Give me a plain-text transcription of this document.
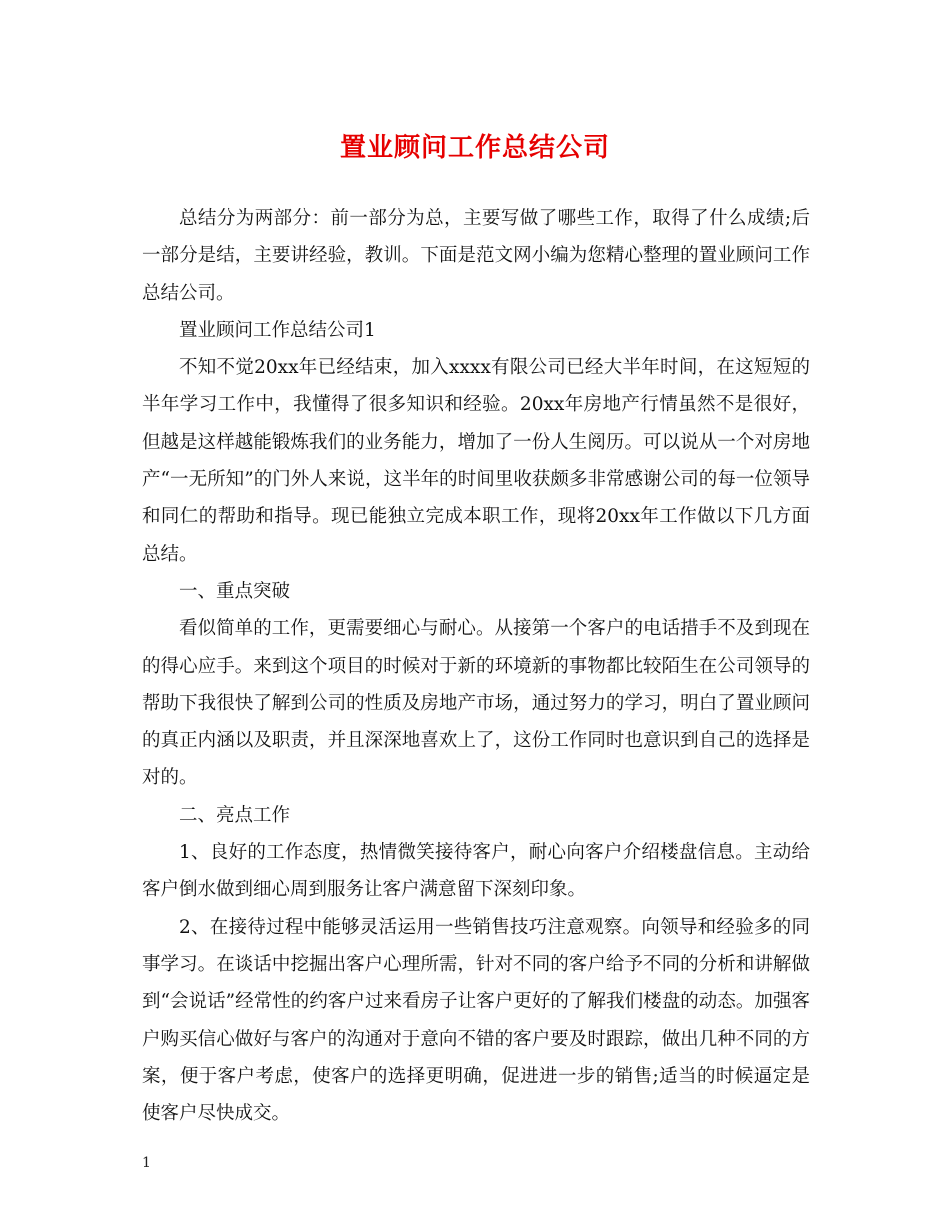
置业顾问工作总结公司

总结分为两部分：前一部分为总，主要写做了哪些工作，取得了什么成绩;后一部分是结，主要讲经验，教训。下面是范文网小编为您精心整理的置业顾问工作总结公司。

置业顾问工作总结公司1

不知不觉20xx年已经结束，加入xxxx有限公司已经大半年时间，在这短短的半年学习工作中，我懂得了很多知识和经验。20xx年房地产行情虽然不是很好，但越是这样越能锻炼我们的业务能力，增加了一份人生阅历。可以说从一个对房地产“一无所知”的门外人来说，这半年的时间里收获颇多非常感谢公司的每一位领导和同仁的帮助和指导。现已能独立完成本职工作，现将20xx年工作做以下几方面总结。

一、重点突破

看似简单的工作，更需要细心与耐心。从接第一个客户的电话措手不及到现在的得心应手。来到这个项目的时候对于新的环境新的事物都比较陌生在公司领导的帮助下我很快了解到公司的性质及房地产市场，通过努力的学习，明白了置业顾问的真正内涵以及职责，并且深深地喜欢上了，这份工作同时也意识到自己的选择是对的。

二、亮点工作

1、良好的工作态度，热情微笑接待客户，耐心向客户介绍楼盘信息。主动给客户倒水做到细心周到服务让客户满意留下深刻印象。

2、在接待过程中能够灵活运用一些销售技巧注意观察。向领导和经验多的同事学习。在谈话中挖掘出客户心理所需，针对不同的客户给予不同的分析和讲解做到“会说话”经常性的约客户过来看房子让客户更好的了解我们楼盘的动态。加强客户购买信心做好与客户的沟通对于意向不错的客户要及时跟踪，做出几种不同的方案，便于客户考虑，使客户的选择更明确，促进进一步的销售;适当的时候逼定是使客户尽快成交。

1
